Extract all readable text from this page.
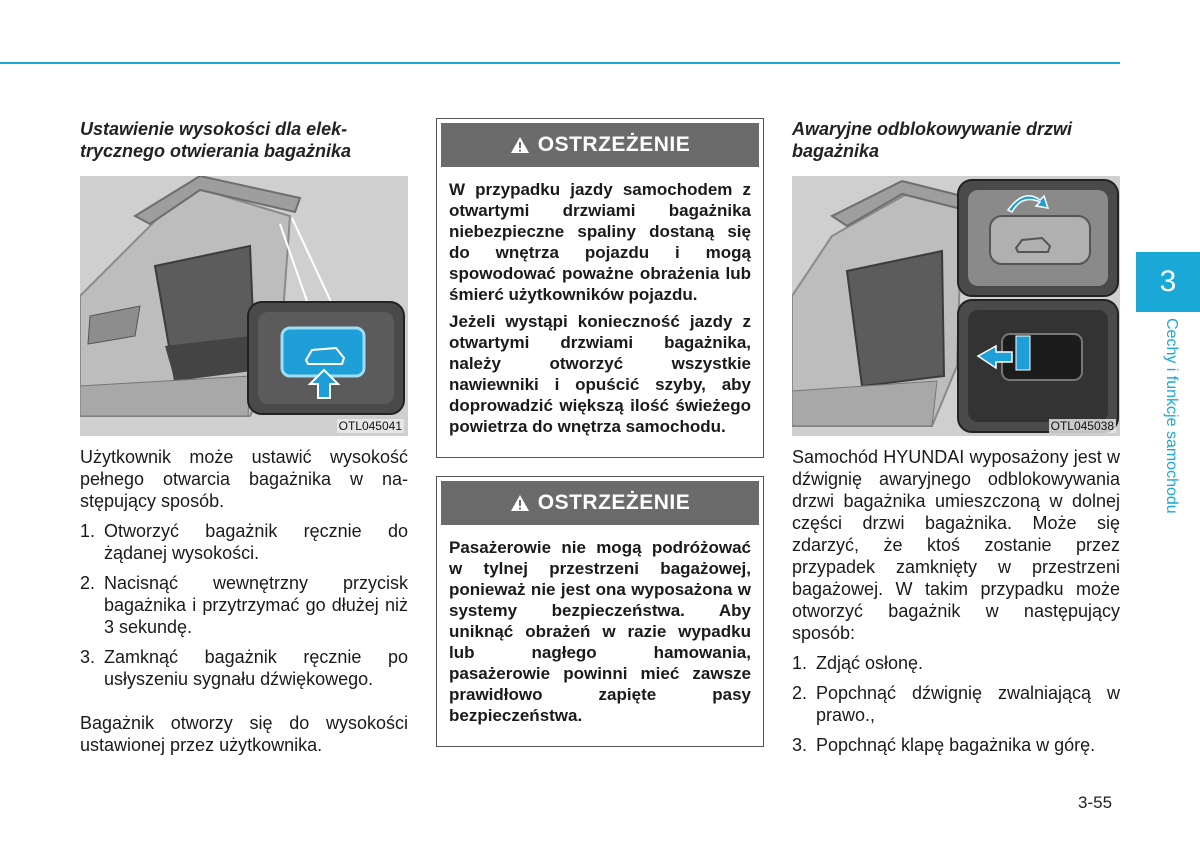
Ustawienie wysokości dla elektrycznego otwierania bagażnika
OTL045041

Użytkownik może ustawić wysokość pełnego otwarcia bagażnika w następujący sposób.

1. Otworzyć bagażnik ręcznie do żądanej wysokości.
2. Nacisnąć wewnętrzny przycisk bagażnika i przytrzymać go dłużej niż 3 sekundę.
3. Zamknąć bagażnik ręcznie po usłyszeniu sygnału dźwiękowego.

Bagażnik otworzy się do wysokości ustawionej przez użytkownika.

OSTRZEŻENIE

W przypadku jazdy samochodem z otwartymi drzwiami bagażnika niebezpieczne spaliny dostaną się do wnętrza pojazdu i mogą spowodować poważne obrażenia lub śmierć użytkowników pojazdu.

Jeżeli wystąpi konieczność jazdy z otwartymi drzwiami bagażnika, należy otworzyć wszystkie nawiewniki i opuścić szyby, aby doprowadzić większą ilość świeżego powietrza do wnętrza samochodu.

OSTRZEŻENIE

Pasażerowie nie mogą podróżować w tylnej przestrzeni bagażowej, ponieważ nie jest ona wyposażona w systemy bezpieczeństwa. Aby uniknąć obrażeń w razie wypadku lub nagłego hamowania, pasażerowie powinni mieć zawsze prawidłowo zapięte pasy bezpieczeństwa.

Awaryjne odblokowywanie drzwi bagażnika
OTL045038

Samochód HYUNDAI wyposażony jest w dźwignię awaryjnego odblokowywania drzwi bagażnika umieszczoną w dolnej części drzwi bagażnika. Może się zdarzyć, że ktoś zostanie przez przypadek zamknięty w przestrzeni bagażowej. W takim przypadku może otworzyć bagażnik w następujący sposób:

1. Zdjąć osłonę.
2. Popchnąć dźwignię zwalniającą w prawo.,
3. Popchnąć klapę bagażnika w górę.
3
Cechy i funkcje samochodu
3-55
